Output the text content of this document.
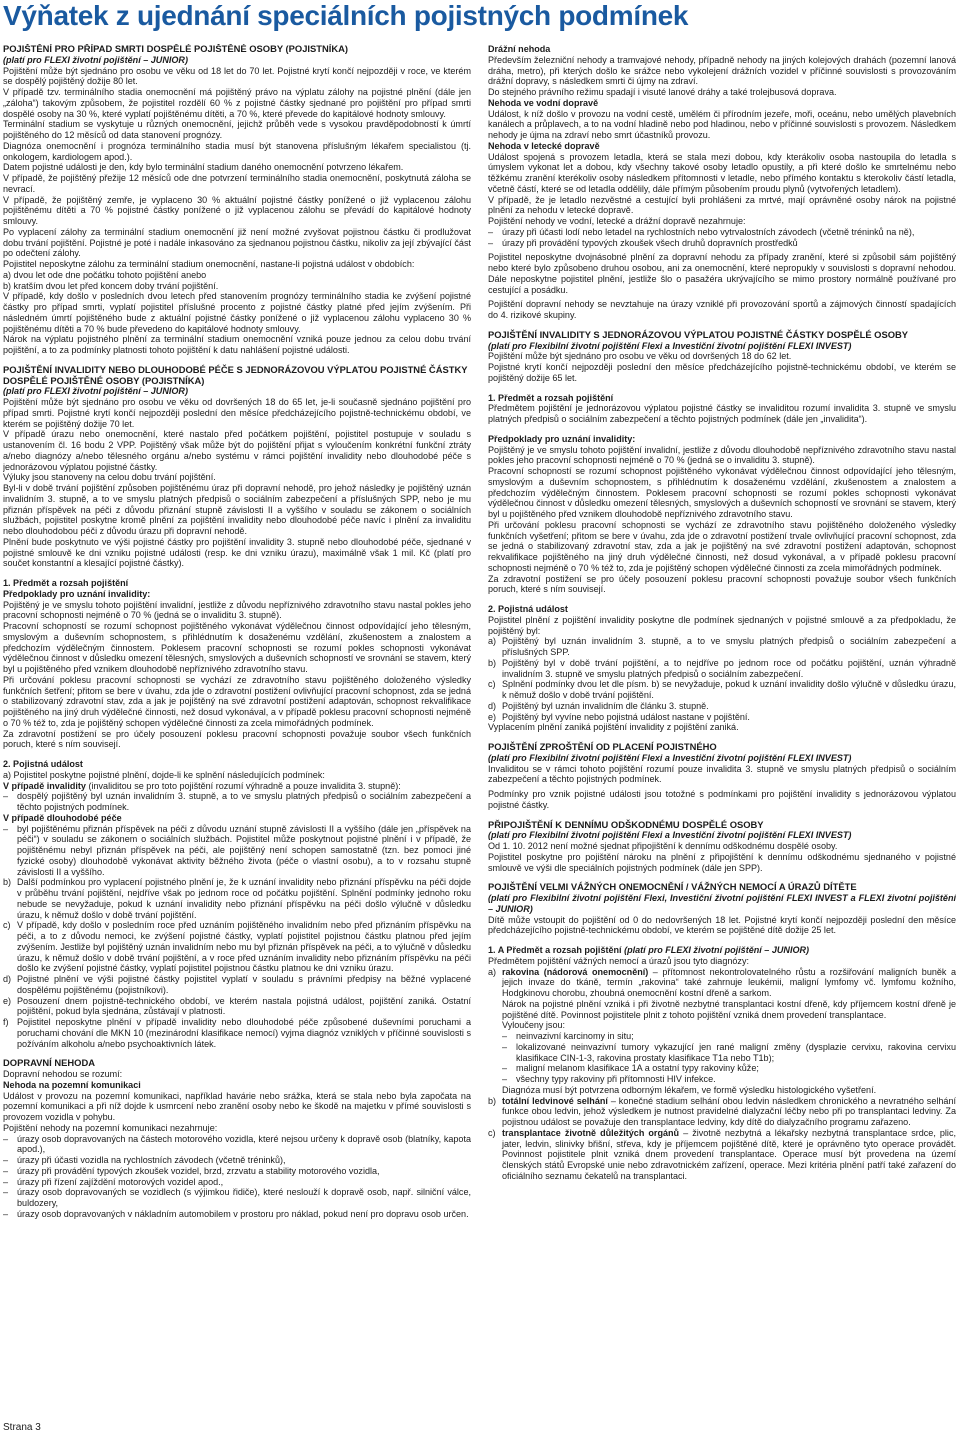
Výňatek z ujednání speciálních pojistných podmínek
POJIŠTĚNÍ PRO PŘÍPAD SMRTI DOSPĚLÉ POJIŠTĚNÉ OSOBY (POJISTNÍKA)

(platí pro FLEXI životní pojištění – JUNIOR)

Pojištění může být sjednáno pro osobu ve věku od 18 let do 70 let. Pojistné krytí končí nejpozději v roce, ve kterém se dospělý pojištěný dožije 80 let.

V případě tzv. terminálního stadia onemocnění má pojištěný právo na výplatu zálohy na pojistné plnění (dále jen „záloha“) takovým způsobem, že pojistitel rozdělí 60 % z pojistné částky sjednané pro pojištění pro případ smrti dospělé osoby na 30 %, které vyplatí pojištěnému dítěti, a 70 %, které převede do kapitálové hodnoty smlouvy.

Terminální stadium se vyskytuje u různých onemocnění, jejichž průběh vede s vysokou pravděpodobností k úmrtí pojištěného do 12 měsíců od data stanovení prognózy.

Diagnóza onemocnění i prognóza terminálního stadia musí být stanovena příslušným lékařem specialistou (tj. onkologem, kardiologem apod.).

Datem pojistné události je den, kdy bylo terminální stadium daného onemocnění potvrzeno lékařem.

V případě, že pojištěný přežije 12 měsíců ode dne potvrzení terminálního stadia onemocnění, poskytnutá záloha se nevrací.

V případě, že pojištěný zemře, je vyplaceno 30 % aktuální pojistné částky ponížené o již vyplacenou zálohu pojištěnému dítěti a 70 % pojistné částky ponížené o již vyplacenou zálohu se převádí do kapitálové hodnoty smlouvy.

Po vyplacení zálohy za terminální stadium onemocnění již není možné zvyšovat pojistnou částku či prodlužovat dobu trvání pojištění. Pojistné je poté i nadále inkasováno za sjednanou pojistnou částku, nikoliv za její zbývající část po odečtení zálohy.

Pojistitel neposkytne zálohu za terminální stadium onemocnění, nastane-li pojistná událost v obdobích:

a) dvou let ode dne počátku tohoto pojištění anebo

b) kratším dvou let před koncem doby trvání pojištění.

V případě, kdy došlo v posledních dvou letech před stanovením prognózy terminálního stadia ke zvýšení pojistné částky pro případ smrti, vyplatí pojistitel příslušné procento z pojistné částky platné před jejím zvýšením. Při následném úmrtí pojištěného bude z aktuální pojistné částky ponížené o již vyplacenou zálohu vyplaceno 30 % pojištěnému dítěti a 70 % bude převedeno do kapitálové hodnoty smlouvy.

Nárok na výplatu pojistného plnění za terminální stadium onemocnění vzniká pouze jednou za celou dobu trvání pojištění, a to za podmínky platnosti tohoto pojištění k datu nahlášení pojistné události.

POJIŠTĚNÍ INVALIDITY NEBO DLOUHODOBÉ PÉČE S JEDNORÁZOVOU VÝPLATOU POJISTNÉ ČÁSTKY DOSPĚLÉ POJIŠTĚNÉ OSOBY (POJISTNÍKA)

(platí pro FLEXI životní pojištění – JUNIOR)

Pojištění může být sjednáno pro osobu ve věku od dovršených 18 do 65 let, je-li současně sjednáno pojištění pro případ smrti. Pojistné krytí končí nejpozději poslední den měsíce předcházejícího pojistně-technickému období, ve kterém se pojištěný dožije 70 let.

V případě úrazu nebo onemocnění, které nastalo před počátkem pojištění, pojistitel postupuje v souladu s ustanovením čl. 16 bodu 2 VPP. Pojištěný však může být do pojištění přijat s vyloučením konkrétní funkční ztráty a/nebo diagnózy a/nebo tělesného orgánu a/nebo systému v rámci pojištění invalidity nebo dlouhodobé péče s jednorázovou výplatou pojistné částky.

Výluky jsou stanoveny na celou dobu trvání pojištění.

Byl-li v době trvání pojištění způsoben pojištěnému úraz při dopravní nehodě, pro jehož následky je pojištěný uznán invalidním 3. stupně, a to ve smyslu platných předpisů o sociálním zabezpečení a příslušných SPP, nebo je mu přiznán příspěvek na péči z důvodu přiznání stupně závislosti II a vyššího v souladu se zákonem o sociálních službách, pojistitel poskytne kromě plnění za pojištění invalidity nebo dlouhodobé péče navíc i plnění za invaliditu nebo dlouhodobou péči z důvodu úrazu při dopravní nehodě.

Plnění bude poskytnuto ve výši pojistné částky pro pojištění invalidity 3. stupně nebo dlouhodobé péče, sjednané v pojistné smlouvě ke dni vzniku pojistné události (resp. ke dni vzniku úrazu), maximálně však 1 mil. Kč (platí pro součet konstantní a klesající pojistné částky).

1. Předmět a rozsah pojištění
Předpoklady pro uznání invalidity:

Pojištěný je ve smyslu tohoto pojištění invalidní, jestliže z důvodu nepříznivého zdravotního stavu nastal pokles jeho pracovní schopnosti nejméně o 70 % (jedná se o invaliditu 3. stupně).

Pracovní schopností se rozumí schopnost pojištěného vykonávat výdělečnou činnost odpovídající jeho tělesným, smyslovým a duševním schopnostem, s přihlédnutím k dosaženému vzdělání, zkušenostem a znalostem a předchozím výdělečným činnostem. Poklesem pracovní schopnosti se rozumí pokles schopnosti vykonávat výdělečnou činnost v důsledku omezení tělesných, smyslových a duševních schopností ve srovnání se stavem, který byl u pojištěného před vznikem dlouhodobě nepříznivého zdravotního stavu.

Při určování poklesu pracovní schopnosti se vychází ze zdravotního stavu pojištěného doloženého výsledky funkčních šetření; přitom se bere v úvahu, zda jde o zdravotní postižení ovlivňující pracovní schopnost, zda se jedná o stabilizovaný zdravotní stav, zda a jak je pojištěný na své zdravotní postižení adaptován, schopnost rekvalifikace pojištěného na jiný druh výdělečné činnosti, než dosud vykonával, a v případě poklesu pracovní schopnosti nejméně o 70 % též to, zda je pojištěný schopen výdělečné činnosti za zcela mimořádných podmínek.

Za zdravotní postižení se pro účely posouzení poklesu pracovní schopnosti považuje soubor všech funkčních poruch, které s ním souvisejí.

2. Pojistná událost

a) Pojistitel poskytne pojistné plnění, dojde-li ke splnění následujících podmínek:

V případě invalidity (invaliditou se pro toto pojištění rozumí výhradně a pouze invalidita 3. stupně):

– dospělý pojištěný byl uznán invalidním 3. stupně, a to ve smyslu platných předpisů o sociálním zabezpečení a těchto pojistných podmínek.

V případě dlouhodobé péče

– byl pojištěnému přiznán příspěvek na péči z důvodu uznání stupně závislosti II a vyššího (dále jen „příspěvek na péči“) v souladu se zákonem o sociálních službách. Pojistitel může poskytnout pojistné plnění i v případě, že pojištěnému nebyl přiznán příspěvek na péči, ale pojištěný není schopen samostatně (tzn. bez pomoci jiné fyzické osoby) dlouhodobě vykonávat aktivity běžného života (péče o vlastní osobu), a to v rozsahu stupně závislosti II a vyššího.
b) Další podmínkou pro vyplacení pojistného plnění je, že k uznání invalidity nebo přiznání příspěvku na péči dojde v průběhu trvání pojištění, nejdříve však po jednom roce od počátku pojištění. Splnění podmínky jednoho roku nebude se nevyžaduje, pokud k uznání invalidity nebo přiznání příspěvku na péči došlo výlučně v důsledku úrazu, k němuž došlo v době trvání pojištění.
c) V případě, kdy došlo v posledním roce před uznáním pojištěného invalidním nebo před přiznáním příspěvku na péči, a to z důvodu nemoci, ke zvýšení pojistné částky, vyplatí pojistitel pojistnou částku platnou před jejím zvýšením. Jestliže byl pojištěný uznán invalidním nebo mu byl přiznán příspěvek na péči, a to výlučně v důsledku úrazu, k němuž došlo v době trvání pojištění, a v roce před uznáním invalidity nebo přiznáním příspěvku na péči došlo ke zvýšení pojistné částky, vyplatí pojistitel pojistnou částku platnou ke dni vzniku úrazu.
d) Pojistné plnění ve výši pojistné částky pojistitel vyplatí v souladu s právními předpisy na běžné vyplacené dospělému pojištěnému (pojistníkovi).
e) Posouzení dnem pojistně-technického období, ve kterém nastala pojistná událost, pojištění zaniká. Ostatní pojištění, pokud byla sjednána, zůstávají v platnosti.
f) Pojistitel neposkytne plnění v případě invalidity nebo dlouhodobé péče způsobené duševními poruchami a poruchami chování dle MKN 10 (mezinárodní klasifikace nemocí) vyjma diagnóz vzniklých v příčinné souvislosti s požíváním alkoholu a/nebo psychoaktivních látek.
DOPRAVNÍ NEHODA

Dopravní nehodou se rozumí:

Nehoda na pozemní komunikaci

Událost v provozu na pozemní komunikaci, například havárie nebo srážka, která se stala nebo byla započata na pozemní komunikaci a při níž dojde k usmrcení nebo zranění osoby nebo ke škodě na majetku v přímé souvislosti s provozem vozidla v pohybu.

Pojištění nehody na pozemní komunikaci nezahrnuje:

– úrazy osob dopravovaných na částech motorového vozidla, které nejsou určeny k dopravě osob (blatníky, kapota apod.),
– úrazy při účasti vozidla na rychlostních závodech (včetně tréninků),
– úrazy při provádění typových zkoušek vozidel, brzd, zrzvatu a stability motorového vozidla,
– úrazy při řízení zajíždění motorových vozidel apod.,
– úrazy osob dopravovaných se vozidlech (s výjimkou řidiče), které neslouží k dopravě osob, např. silniční válce, buldozery,
– úrazy osob dopravovaných v nákladním automobilem v prostoru pro náklad, pokud není pro dopravu osob určen.

Drážní nehoda

Především železniční nehody a tramvajové nehody, případně nehody na jiných kolejových drahách (pozemní lanová dráha, metro), při kterých došlo ke srážce nebo vykolejení drážních vozidel v příčinné souvislosti s provozováním drážní dopravy, s následkem smrti či újmy na zdraví.

Do stejného právního režimu spadají i visuté lanové dráhy a také trolejbusová doprava.

Nehoda ve vodní dopravě

Událost, k níž došlo v provozu na vodní cestě, umělém či přírodním jezeře, moři, oceánu, nebo umělých plavebních kanálech a průplavech, a to na vodní hladině nebo pod hladinou, nebo v příčinné souvislosti s provozem. Následkem nehody je újma na zdraví nebo smrt účastníků provozu.

Nehoda v letecké dopravě

Událost spojená s provozem letadla, která se stala mezi dobou, kdy kterákoliv osoba nastoupila do letadla s úmyslem vykonat let a dobou, kdy všechny takové osoby letadlo opustily, a při které došlo ke smrtelnému nebo těžkému zranění kterékoliv osoby následkem přítomnosti v letadle, nebo přímého kontaktu s kterokoliv částí letadla, včetně částí, které se od letadla oddělily, dále přímým působením proudu plynů (vytvořených letadlem).

V případě, že je letadlo nezvěstné a cestující byli prohlášeni za mrtvé, mají oprávněné osoby nárok na pojistné plnění za nehodu v letecké dopravě.

Pojištění nehody ve vodní, letecké a drážní dopravě nezahrnuje:

– úrazy při účasti lodí nebo letadel na rychlostních nebo vytrvalostních závodech (včetně tréninků na ně),
– úrazy při provádění typových zkoušek všech druhů dopravních prostředků

Pojistitel neposkytne dvojnásobné plnění za dopravní nehodu za případy zranění, které si způsobil sám pojištěný nebo které bylo způsobeno druhou osobou, ani za onemocnění, které nepropukly v souvislosti s dopravní nehodou. Dále neposkytne pojistitel plnění, jestliže šlo o pasažéra ukrývajícího se mimo prostory normálně používané pro cestující a posádku.

Pojištění dopravní nehody se nevztahuje na úrazy vzniklé při provozování sportů a zájmových činností spadajících do 4. rizikové skupiny.

POJIŠTĚNÍ INVALIDITY S JEDNORÁZOVOU VÝPLATOU POJISTNÉ ČÁSTKY DOSPĚLÉ OSOBY

(platí pro Flexibilní životní pojištění Flexi a Investiční životní pojištění FLEXI INVEST)

Pojištění může být sjednáno pro osobu ve věku od dovršených 18 do 62 let.

Pojistné krytí končí nejpozději poslední den měsíce předcházejícího pojistně-technickému období, ve kterém se pojištěný dožije 65 let.

1. Předmět a rozsah pojištění

Předmětem pojištění je jednorázovou výplatou pojistné částky se invaliditou rozumí invalidita 3. stupně ve smyslu platných předpisů o sociálním zabezpečení a těchto pojistných podmínek (dále jen „invalidita“).

Předpoklady pro uznání invalidity:

Pojištěný je ve smyslu tohoto pojištění invalidní, jestliže z důvodu dlouhodobě nepříznivého zdravotního stavu nastal pokles jeho pracovní schopnosti nejméně o 70 % (jedná se o invaliditu 3. stupně).

Pracovní schopností se rozumí schopnost pojištěného vykonávat výdělečnou činnost odpovídající jeho tělesným, smyslovým a duševním schopnostem, s přihlédnutím k dosaženému vzdělání, zkušenostem a znalostem a předchozím výdělečným činnostem. Poklesem pracovní schopnosti se rozumí pokles schopnosti vykonávat výdělečnou činnost v důsledku omezení tělesných, smyslových a duševních schopností ve srovnání se stavem, který byl u pojištěného před vznikem dlouhodobě nepříznivého zdravotního stavu.

Při určování poklesu pracovní schopnosti se vychází ze zdravotního stavu pojištěného doloženého výsledky funkčních vyšetření; přitom se bere v úvahu, zda jde o zdravotní postižení trvale ovlivňující pracovní schopnost, zda se jedná o stabilizovaný zdravotní stav, zda a jak je pojištěný na své zdravotní postižení adaptován, schopnost rekvalifikace pojištěného na jiný druh výdělečné činnosti, než dosud vykonával, a v případě poklesu pracovní schopnosti nejméně o 70 % též to, zda je pojištěný schopen výdělečné činnosti za zcela mimořádných podmínek.

Za zdravotní postižení se pro účely posouzení poklesu pracovní schopnosti považuje soubor všech funkčních poruch, které s ním souvisejí.

2. Pojistná událost

Pojistitel plnění z pojištění invalidity poskytne dle podmínek sjednaných v pojistné smlouvě a za předpokladu, že pojištěný byl:

a) Pojištěný byl uznán invalidním 3. stupně, a to ve smyslu platných předpisů o sociálním zabezpečení a příslušných SPP.
b) Pojištěný byl v době trvání pojištění, a to nejdříve po jednom roce od počátku pojištění, uznán výhradně invalidním 3. stupně ve smyslu platných předpisů o sociálním zabezpečení.
c) Splnění podmínky dvou let dle písm. b) se nevyžaduje, pokud k uznání invalidity došlo výlučně v důsledku úrazu, k němuž došlo v době trvání pojištění.
d) Pojištěný byl uznán invalidním dle článku 3. stupně.
e) Pojištěný byl vyvíne nebo pojistná událost nastane v pojištění.

Vyplacením plnění zaniká pojištění invalidity z pojištění zaniká.

POJIŠTĚNÍ ZPROŠTĚNÍ OD PLACENÍ POJISTNÉHO

(platí pro Flexibilní životní pojištění Flexi a Investiční životní pojištění FLEXI INVEST)

Invaliditou se v rámci tohoto pojištění rozumí pouze invalidita 3. stupně ve smyslu platných předpisů o sociálním zabezpečení a těchto pojistných podmínek.

Podmínky pro vznik pojistné události jsou totožné s podmínkami pro pojištění invalidity s jednorázovou výplatou pojistné částky.

PŘIPOJIŠTĚNÍ K DENNÍMU ODŠKODNÉMU DOSPĚLÉ OSOBY

(platí pro Flexibilní životní pojištění Flexi a Investiční životní pojištění FLEXI INVEST)

Od 1. 10. 2012 není možné sjednat připojištění k dennímu odškodnému dospělé osoby.

Pojistitel poskytne pro pojištění nároku na plnění z připojištění k dennímu odškodnému sjednaného v pojistné smlouvě ve výši dle speciálních pojistných podmínek (dále jen SPP).

POJIŠTĚNÍ VELMI VÁŽNÝCH ONEMOCNĚNÍ / VÁŽNÝCH NEMOCÍ A ÚRAZŮ DÍTĚTE

(platí pro Flexibilní životní pojištění Flexi, Investiční životní pojištění FLEXI INVEST a FLEXI životní pojištění – JUNIOR)

Dítě může vstoupit do pojištění od 0 do nedovršených 18 let. Pojistné krytí končí nejpozději poslední den měsíce předcházejícího pojistně-technickému období, ve kterém se pojištěné dítě dožije 25 let.

1. A Předmět a rozsah pojištění (platí pro FLEXI životní pojištění – JUNIOR)

Předmětem pojištění vážných nemocí a úrazů jsou tyto diagnózy:

a) rakovina (nádorová onemocnění) – přítomnost nekontrolovatelného růstu a rozšiřování maligních buněk a jejich invaze do tkáně, termín „rakovina“ také zahrnuje leukémii, maligní lymfomy vč. lymfomu kožního, Hodgkinovu chorobu, zhoubná onemocnění kostní dřeně a sarkom.

Nárok na pojistné plnění vzniká i při životně nezbytné transplantaci kostní dřeně, kdy příjemcem kostní dřeně je pojištěné dítě. Povinnost pojistitele plnit z tohoto pojištění vzniká dnem provedení transplantace.

Vyloučeny jsou:

– neinvazivní karcinomy in situ;
– lokalizované neinvazivní tumory vykazující jen rané maligní změny (dysplazie cervixu, rakovina cervixu klasifikace CIN-1-3, rakovina prostaty klasifikace T1a nebo T1b);
– maligní melanom klasifikace 1A a ostatní typy rakoviny kůže;
– všechny typy rakoviny při přítomnosti HIV infekce.

Diagnóza musí být potvrzena odborným lékařem, ve formě výsledku histologického vyšetření.

b) totální ledvinové selhání – konečné stadium selhání obou ledvin následkem chronického a nevratného selhání funkce obou ledvin, jehož výsledkem je nutnost pravidelné dialyzační léčby nebo při po transplantaci ledviny. Za pojistnou událost se považuje den transplantace ledviny, kdy dítě do dialyzačního programu zařazeno.
c) transplantace životně důležitých orgánů – životně nezbytná a lékařsky nezbytná transplantace srdce, plic, jater, ledvin, slinivky břišní, střeva, kdy je příjemcem pojištěné dítě, které je oprávněno tyto operace provádět. Povinnost pojistitele plnit vzniká dnem provedení transplantace. Operace musí být provedena na území členských států Evropské unie nebo zdravotnickém zařízení, operace. Mezi kritéria plnění patří také zařazení do oficiálního seznamu čekatelů na transplantaci.
Strana 3
